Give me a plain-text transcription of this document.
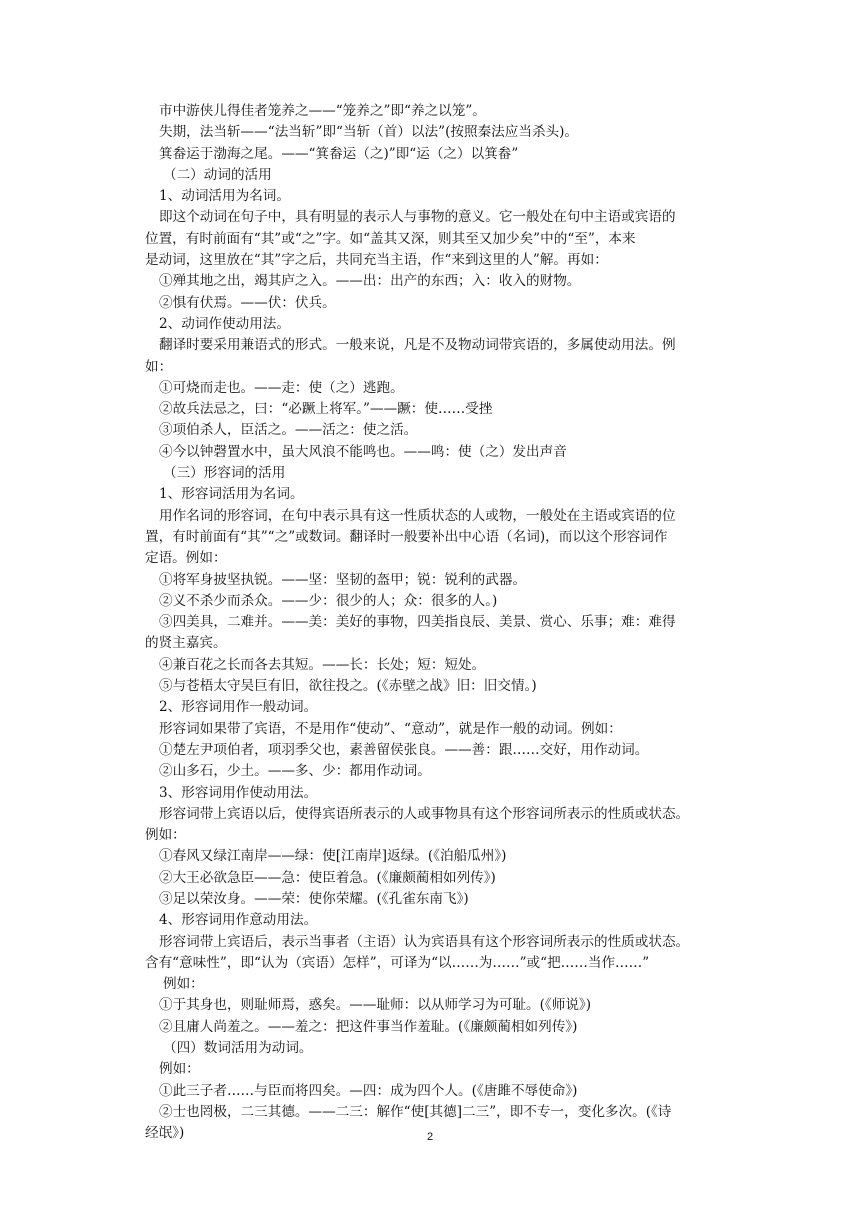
市中游侠儿得佳者笼养之——“笼养之”即“养之以笼”。
失期，法当斩——“法当斩”即“当斩（首）以法”(按照秦法应当杀头)。
箕畚运于渤海之尾。——“箕畚运（之)”即“运（之）以箕畚”
（二）动词的活用
1、动词活用为名词。
即这个动词在句子中，具有明显的表示人与事物的意义。它一般处在句中主语或宾语的
位置，有时前面有“其”或“之”字。如“盖其又深，则其至又加少矣”中的“至”，本来
是动词，这里放在“其”字之后，共同充当主语，作“来到这里的人”解。再如：
①殚其地之出，竭其庐之入。——出：出产的东西；入：收入的财物。
②惧有伏焉。——伏：伏兵。
2、动词作使动用法。
翻译时要采用兼语式的形式。一般来说，凡是不及物动词带宾语的，多属使动用法。例
如：
①可烧而走也。——走：使（之）逃跑。
②故兵法忌之，曰：“必蹶上将军。”——蹶：使……受挫
③项伯杀人，臣活之。——活之：使之活。
④今以钟磬置水中，虽大风浪不能鸣也。——鸣：使（之）发出声音
（三）形容词的活用
1、形容词活用为名词。
用作名词的形容词，在句中表示具有这一性质状态的人或物，一般处在主语或宾语的位
置，有时前面有“其”“之”或数词。翻译时一般要补出中心语（名词)，而以这个形容词作
定语。例如：
①将军身披坚执锐。——坚：坚韧的盔甲；锐：锐利的武器。
②义不杀少而杀众。——少：很少的人；众：很多的人。)
③四美具，二难并。——美：美好的事物，四美指良辰、美景、赏心、乐事；难：难得
的贤主嘉宾。
④兼百花之长而各去其短。——长：长处；短：短处。
⑤与苍梧太守吴巨有旧，欲往投之。(《赤壁之战》旧：旧交情。)
2、形容词用作一般动词。
形容词如果带了宾语，不是用作“使动”、“意动”，就是作一般的动词。例如：
①楚左尹项伯者，项羽季父也，素善留侯张良。——善：跟……交好，用作动词。
②山多石，少土。——多、少：都用作动词。
3、形容词用作使动用法。
形容词带上宾语以后，使得宾语所表示的人或事物具有这个形容词所表示的性质或状态。
例如：
①春风又绿江南岸——绿：使[江南岸]返绿。(《泊船瓜州》)
②大王必欲急臣——急：使臣着急。(《廉颇蔺相如列传》)
③足以荣汝身。——荣：使你荣耀。(《孔雀东南飞》)
4、形容词用作意动用法。
形容词带上宾语后，表示当事者（主语）认为宾语具有这个形容词所表示的性质或状态。
含有“意味性”，即“认为（宾语）怎样”，可译为“以……为……”或“把……当作……”
例如：
①于其身也，则耻师焉，惑矣。——耻师：以从师学习为可耻。(《师说》)
②且庸人尚羞之。——羞之：把这件事当作羞耻。(《廉颇蔺相如列传》)
（四）数词活用为动词。
例如：
①此三子者……与臣而将四矣。—四：成为四个人。(《唐雎不辱使命》)
②士也罔极，二三其德。——二三：解作“使[其德]二三”，即不专一，变化多次。(《诗
经氓》)	2
